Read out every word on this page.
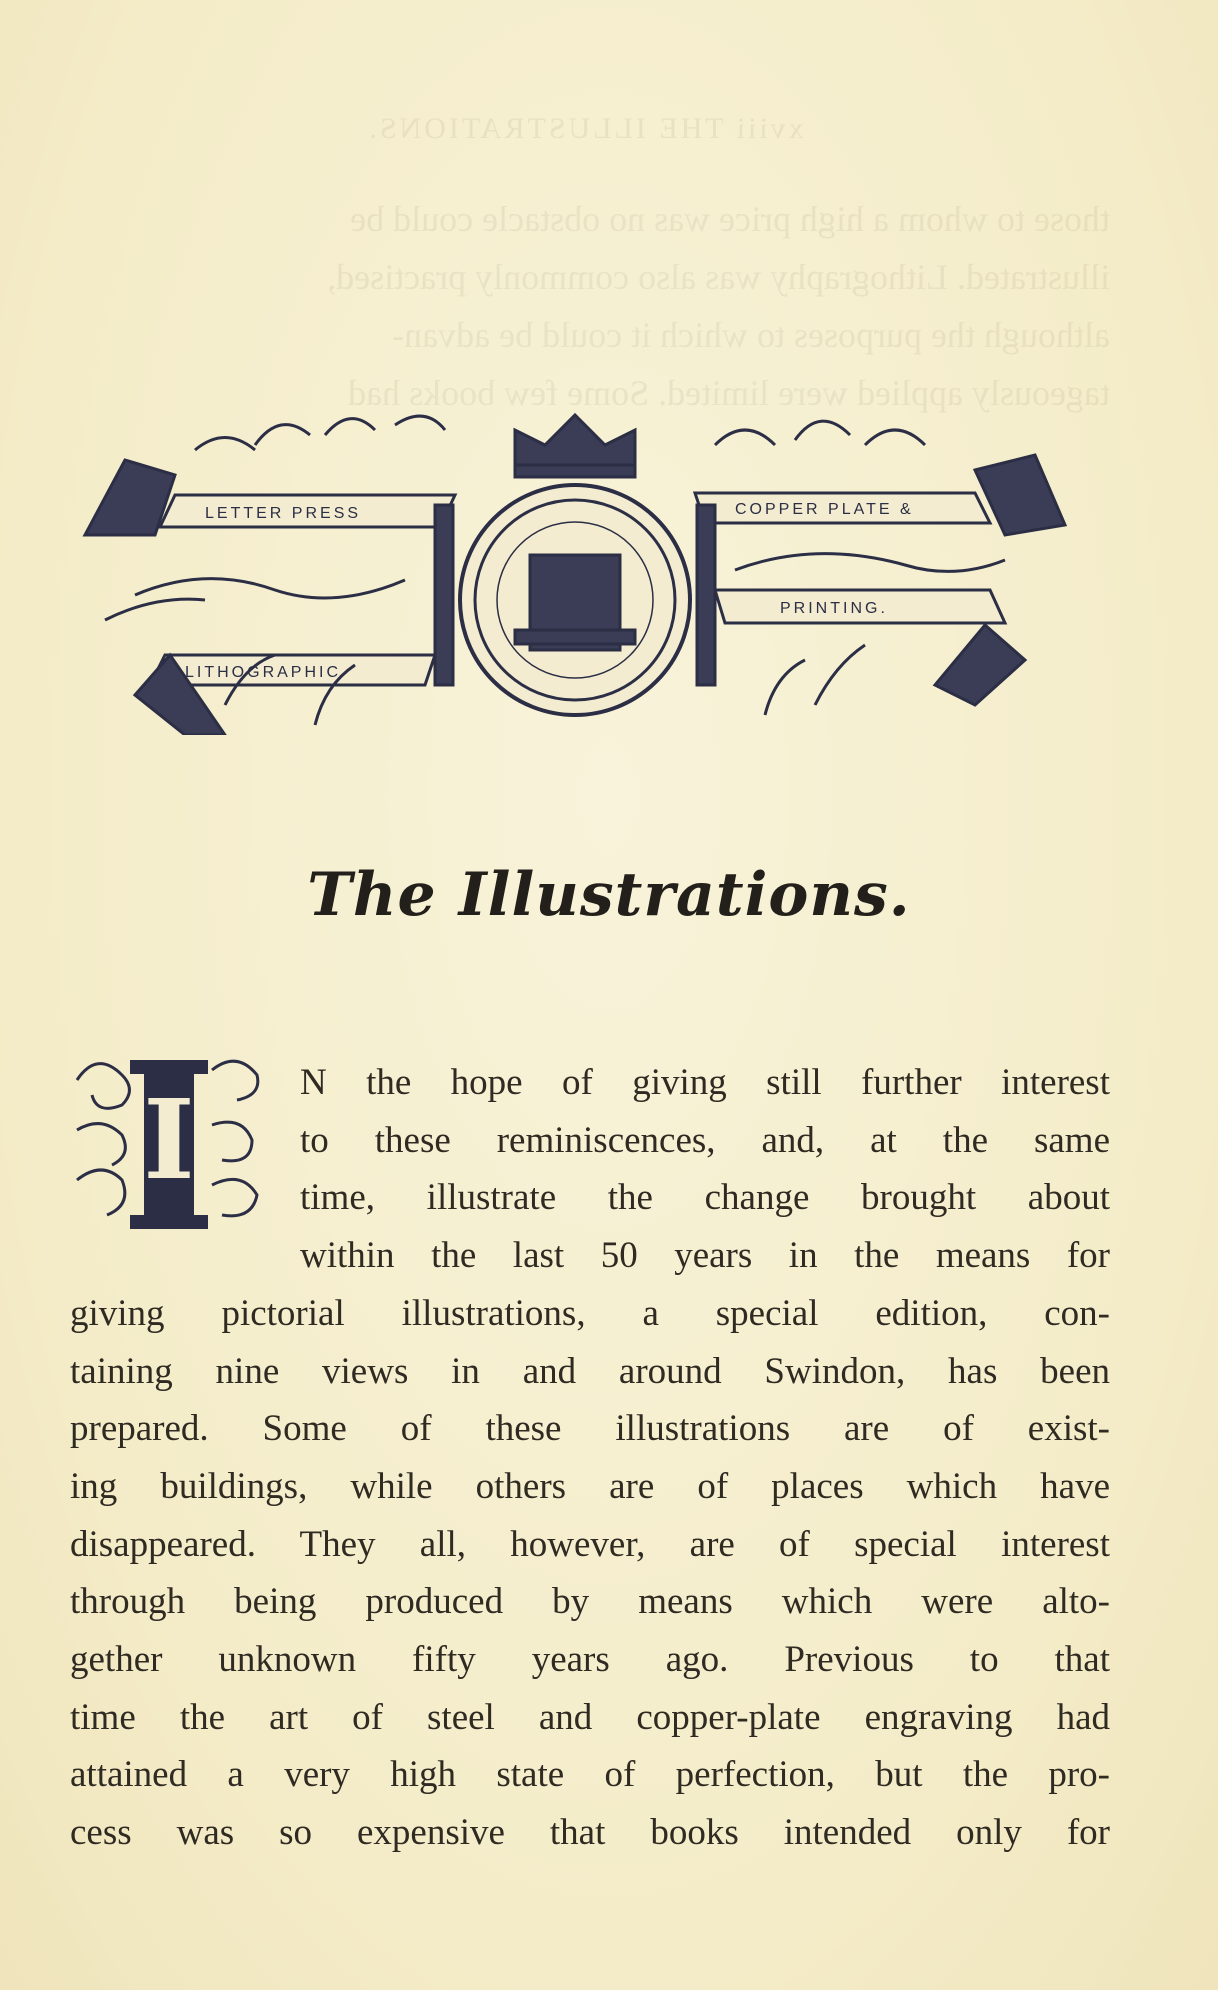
xviii THE ILLUSTRATIONS.
those to whom a high price was no obstacle could be
illustrated. Lithography was also commonly practised,
although the purposes to which it could be advan-
tageously applied were limited. Some few books had
LETTER PRESS
LITHOGRAPHIC
COPPER PLATE &
PRINTING.
The Illustrations.
I	N the hope of giving still further interest
to these reminiscences, and, at the same
time, illustrate the change brought about
within the last 50 years in the means for
giving pictorial illustrations, a special edition, con-
taining nine views in and around Swindon, has been
prepared. Some of these illustrations are of exist-
ing buildings, while others are of places which have
disappeared. They all, however, are of special interest
through being produced by means which were alto-
gether unknown fifty years ago. Previous to that
time the art of steel and copper-plate engraving had
attained a very high state of perfection, but the pro-
cess was so expensive that books intended only for
